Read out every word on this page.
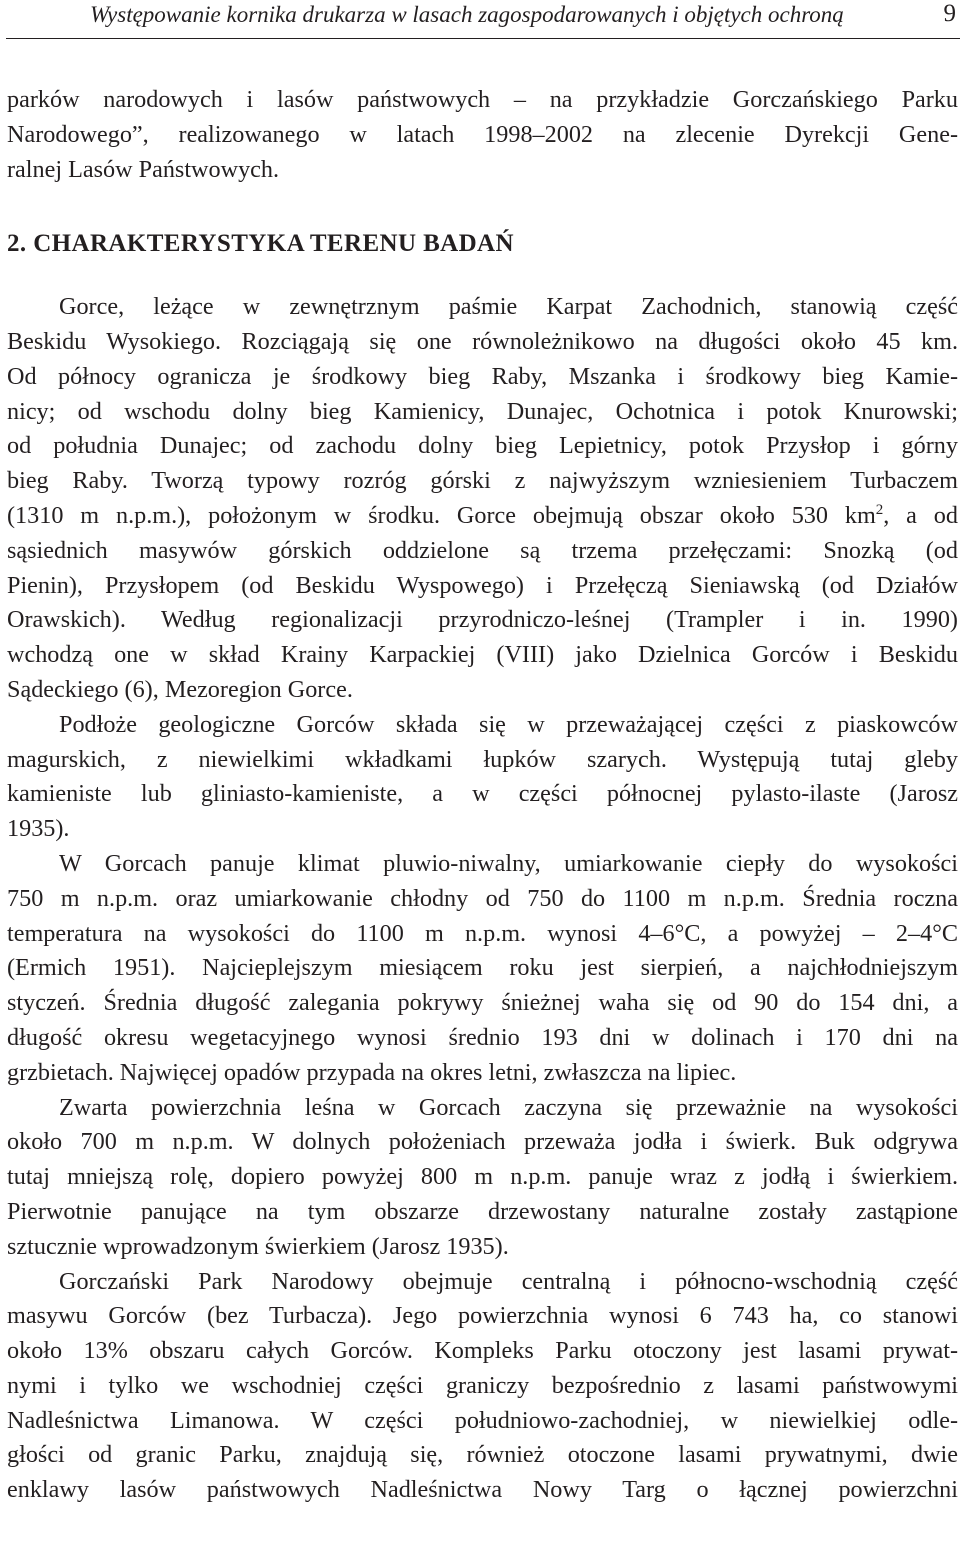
Występowanie kornika drukarza w lasach zagospodarowanych i objętych ochroną	9

parków narodowych i lasów państwowych – na przykładzie Gorczańskiego Parku
Narodowego”, realizowanego w latach 1998–2002 na zlecenie Dyrekcji Gene-
ralnej Lasów Państwowych.

2. CHARAKTERYSTYKA TERENU BADAŃ

Gorce, leżące w zewnętrznym paśmie Karpat Zachodnich, stanowią część
Beskidu Wysokiego. Rozciągają się one równoleżnikowo na długości około 45 km.
Od północy ogranicza je środkowy bieg Raby, Mszanka i środkowy bieg Kamie-
nicy; od wschodu dolny bieg Kamienicy, Dunajec, Ochotnica i potok Knurowski;
od południa Dunajec; od zachodu dolny bieg Lepietnicy, potok Przysłop i górny
bieg Raby. Tworzą typowy rozróg górski z najwyższym wzniesieniem Turbaczem
(1310 m n.p.m.), położonym w środku. Gorce obejmują obszar około 530 $km^2$, a od
sąsiednich masywów górskich oddzielone są trzema przełęczami: Snozką (od
Pienin), Przysłopem (od Beskidu Wyspowego) i Przełęczą Sieniawską (od Działów
Orawskich). Według regionalizacji przyrodniczo-leśnej (Trampler i in. 1990)
wchodzą one w skład Krainy Karpackiej (VIII) jako Dzielnica Gorców i Beskidu
Sądeckiego (6), Mezoregion Gorce.

Podłoże geologiczne Gorców składa się w przeważającej części z piaskowców
magurskich, z niewielkimi wkładkami łupków szarych. Występują tutaj gleby
kamieniste lub gliniasto-kamieniste, a w części północnej pylasto-ilaste (Jarosz
1935).

W Gorcach panuje klimat pluwio-niwalny, umiarkowanie ciepły do wysokości
750 m n.p.m. oraz umiarkowanie chłodny od 750 do 1100 m n.p.m. Średnia roczna
temperatura na wysokości do 1100 m n.p.m. wynosi 4–6°C, a powyżej – 2–4°C
(Ermich 1951). Najcieplejszym miesiącem roku jest sierpień, a najchłodniejszym
styczeń. Średnia długość zalegania pokrywy śnieżnej waha się od 90 do 154 dni, a
długość okresu wegetacyjnego wynosi średnio 193 dni w dolinach i 170 dni na
grzbietach. Najwięcej opadów przypada na okres letni, zwłaszcza na lipiec.

Zwarta powierzchnia leśna w Gorcach zaczyna się przeważnie na wysokości
około 700 m n.p.m. W dolnych położeniach przeważa jodła i świerk. Buk odgrywa
tutaj mniejszą rolę, dopiero powyżej 800 m n.p.m. panuje wraz z jodłą i świerkiem.
Pierwotnie panujące na tym obszarze drzewostany naturalne zostały zastąpione
sztucznie wprowadzonym świerkiem (Jarosz 1935).

Gorczański Park Narodowy obejmuje centralną i północno-wschodnią część
masywu Gorców (bez Turbacza). Jego powierzchnia wynosi 6 743 ha, co stanowi
około 13% obszaru całych Gorców. Kompleks Parku otoczony jest lasami prywat-
nymi i tylko we wschodniej części graniczy bezpośrednio z lasami państwowymi
Nadleśnictwa Limanowa. W części południowo-zachodniej, w niewielkiej odle-
głości od granic Parku, znajdują się, również otoczone lasami prywatnymi, dwie
enklawy lasów państwowych Nadleśnictwa Nowy Targ o łącznej powierzchni
